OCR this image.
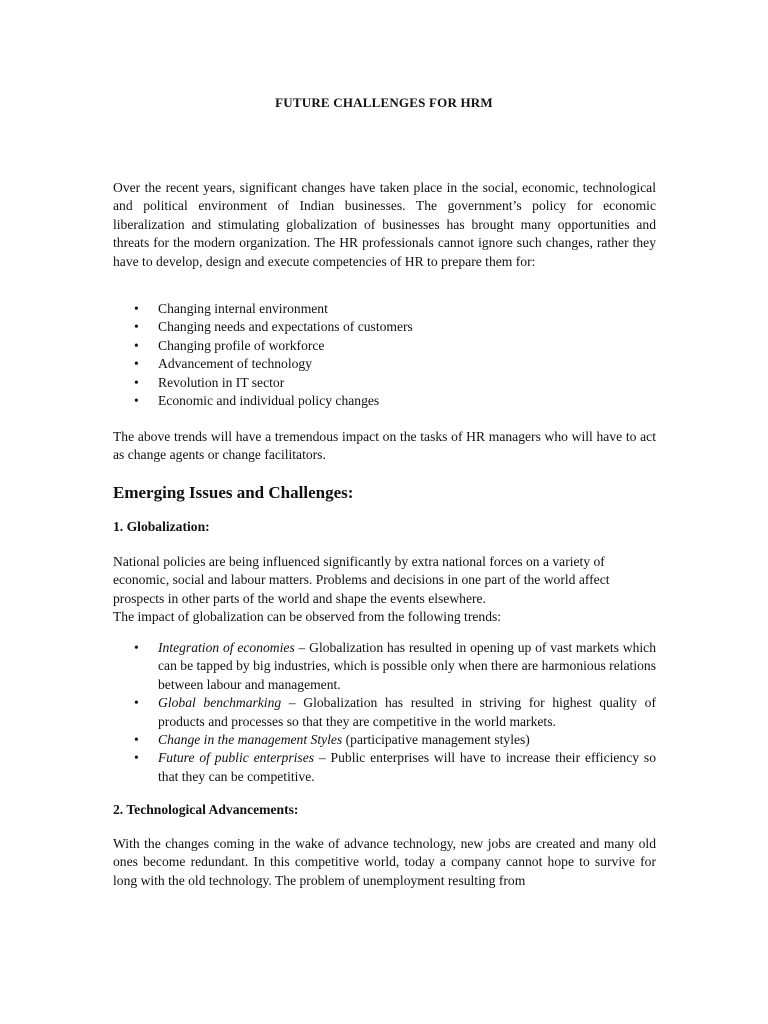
FUTURE CHALLENGES FOR HRM

Over the recent years, significant changes have taken place in the social, economic, technological and political environment of Indian businesses. The government’s policy for economic liberalization and stimulating globalization of businesses has brought many opportunities and threats for the modern organization. The HR professionals cannot ignore such changes, rather they have to develop, design and execute competencies of HR to prepare them for:

• Changing internal environment
• Changing needs and expectations of customers
• Changing profile of workforce
• Advancement of technology
• Revolution in IT sector
• Economic and individual policy changes

The above trends will have a tremendous impact on the tasks of HR managers who will have to act as change agents or change facilitators.

Emerging Issues and Challenges:
1. Globalization:

National policies are being influenced significantly by extra national forces on a variety of economic, social and labour matters. Problems and decisions in one part of the world affect prospects in other parts of the world and shape the events elsewhere.

The impact of globalization can be observed from the following trends:

• Integration of economies – Globalization has resulted in opening up of vast markets which can be tapped by big industries, which is possible only when there are harmonious relations between labour and management.
• Global benchmarking – Globalization has resulted in striving for highest quality of products and processes so that they are competitive in the world markets.
• Change in the management Styles (participative management styles)
• Future of public enterprises – Public enterprises will have to increase their efficiency so that they can be competitive.
2. Technological Advancements:

With the changes coming in the wake of advance technology, new jobs are created and many old ones become redundant. In this competitive world, today a company cannot hope to survive for long with the old technology. The problem of unemployment resulting from
